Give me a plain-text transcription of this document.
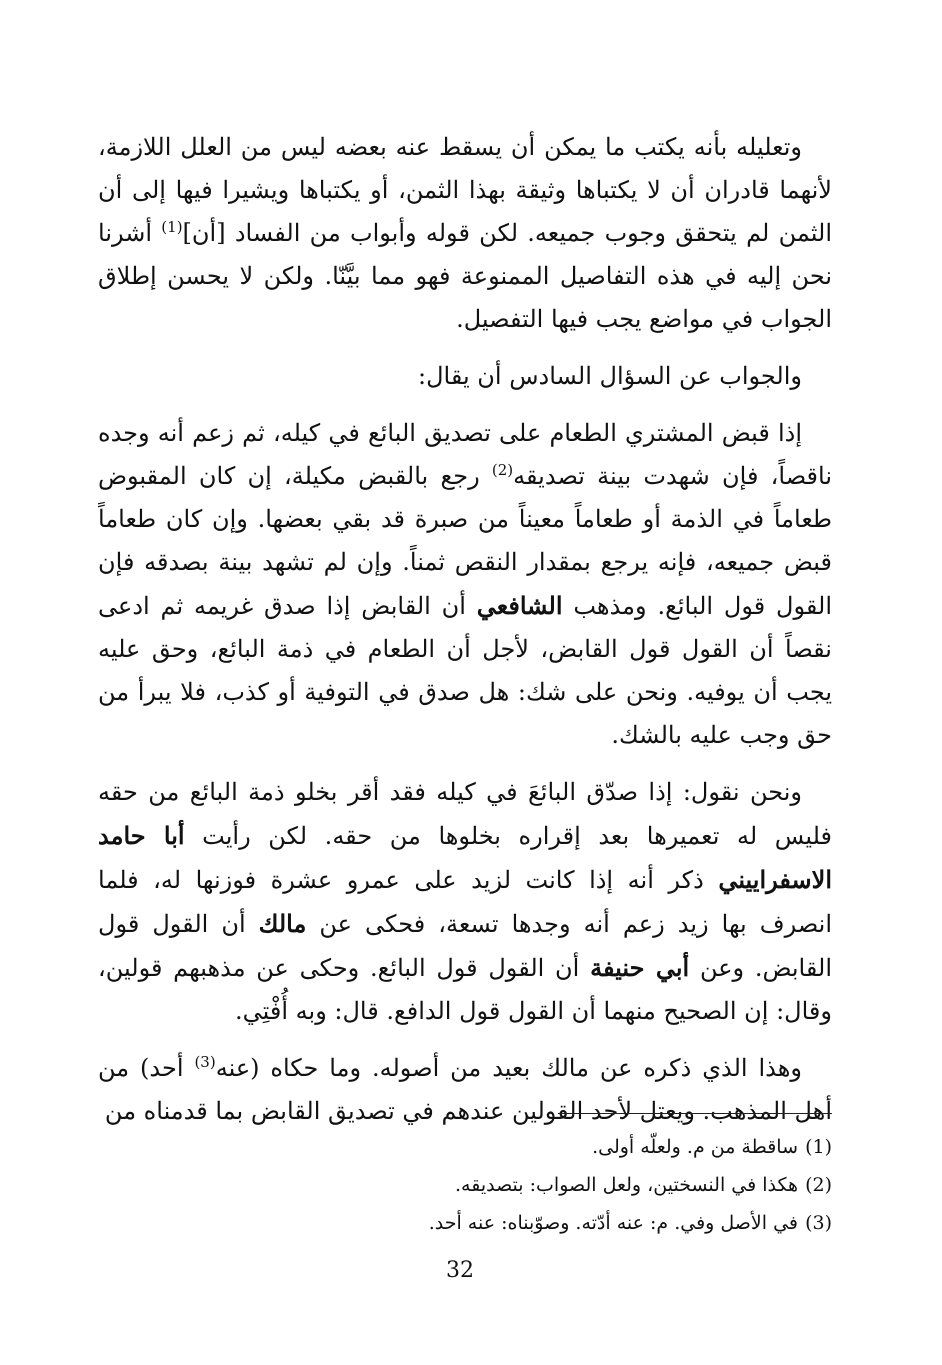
وتعليله بأنه يكتب ما يمكن أن يسقط عنه بعضه ليس من العلل اللازمة، لأنهما قادران أن لا يكتباها وثيقة بهذا الثمن، أو يكتباها ويشيرا فيها إلى أن الثمن لم يتحقق وجوب جميعه. لكن قوله وأبواب من الفساد [أن]$^{(1)}$ أشرنا نحن إليه في هذه التفاصيل الممنوعة فهو مما بيَّنّا. ولكن لا يحسن إطلاق الجواب في مواضع يجب فيها التفصيل.

والجواب عن السؤال السادس أن يقال:

إذا قبض المشتري الطعام على تصديق البائع في كيله، ثم زعم أنه وجده ناقصاً، فإن شهدت بينة تصديقه$^{(2)}$ رجع بالقبض مكيلة، إن كان المقبوض طعاماً في الذمة أو طعاماً معيناً من صبرة قد بقي بعضها. وإن كان طعاماً قبض جميعه، فإنه يرجع بمقدار النقص ثمناً. وإن لم تشهد بينة بصدقه فإن القول قول البائع. ومذهب الشافعي أن القابض إذا صدق غريمه ثم ادعى نقصاً أن القول قول القابض، لأجل أن الطعام في ذمة البائع، وحق عليه يجب أن يوفيه. ونحن على شك: هل صدق في التوفية أو كذب، فلا يبرأ من حق وجب عليه بالشك.

ونحن نقول: إذا صدّق البائعَ في كيله فقد أقر بخلو ذمة البائع من حقه فليس له تعميرها بعد إقراره بخلوها من حقه. لكن رأيت أبا حامد الاسفراييني ذكر أنه إذا كانت لزيد على عمرو عشرة فوزنها له، فلما انصرف بها زيد زعم أنه وجدها تسعة، فحكى عن مالك أن القول قول القابض. وعن أبي حنيفة أن القول قول البائع. وحكى عن مذهبهم قولين، وقال: إن الصحيح منهما أن القول قول الدافع. قال: وبه أُفْتِي.

وهذا الذي ذكره عن مالك بعيد من أصوله. وما حكاه (عنه$^{(3)}$ أحد) من أهل المذهب. ويعتل لأحد القولين عندهم في تصديق القابض بما قدمناه من

(1)
ساقطة من م. ولعلّه أولى.
(2)
هكذا في النسختين، ولعل الصواب: بتصديقه.
(3)
في الأصل وفي. م: عنه أدّته. وصوّبناه: عنه أحد.
32
